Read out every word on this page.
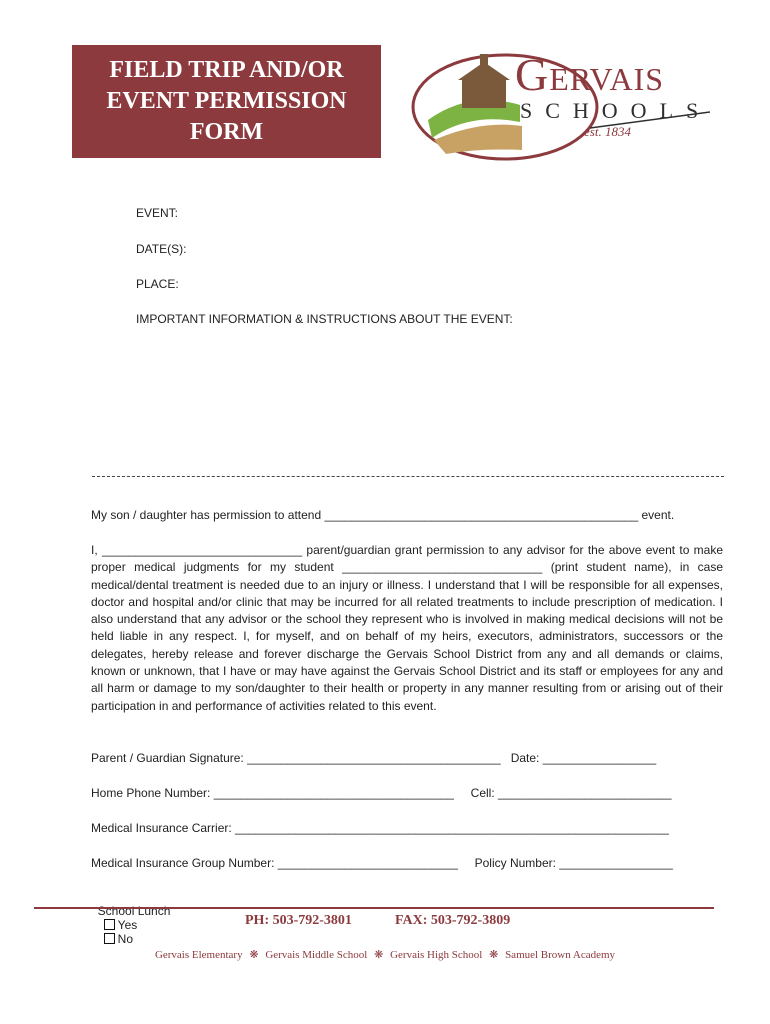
FIELD TRIP AND/OR
EVENT PERMISSION
FORM
Gervais
SCHOOLS
est. 1834
EVENT:
DATE(S):
PLACE:
IMPORTANT INFORMATION & INSTRUCTIONS ABOUT THE EVENT:
My son / daughter has permission to attend _______________________________________________ event.
I, ______________________________ parent/guardian grant permission to any advisor for the above event to make proper medical judgments for my student ______________________________ (print student name), in case medical/dental treatment is needed due to an injury or illness. I understand that I will be responsible for all expenses, doctor and hospital and/or clinic that may be incurred for all related treatments to include prescription of medication. I also understand that any advisor or the school they represent who is involved in making medical decisions will not be held liable in any respect. I, for myself, and on behalf of my heirs, executors, administrators, successors or the delegates, hereby release and forever discharge the Gervais School District from any and all demands or claims, known or unknown, that I have or may have against the Gervais School District and its staff or employees for any and all harm or damage to my son/daughter to their health or property in any manner resulting from or arising out of their participation in and performance of activities related to this event.
Parent / Guardian Signature: ______________________________________   Date: _________________
Home Phone Number: ____________________________________     Cell: __________________________
Medical Insurance Carrier: _________________________________________________________________
Medical Insurance Group Number: ___________________________     Policy Number: _________________

School Lunch
Yes
No

PH: 503-792-3801	FAX: 503-792-3809
Gervais Elementary ❋ Gervais Middle School ❋ Gervais High School ❋ Samuel Brown Academy
